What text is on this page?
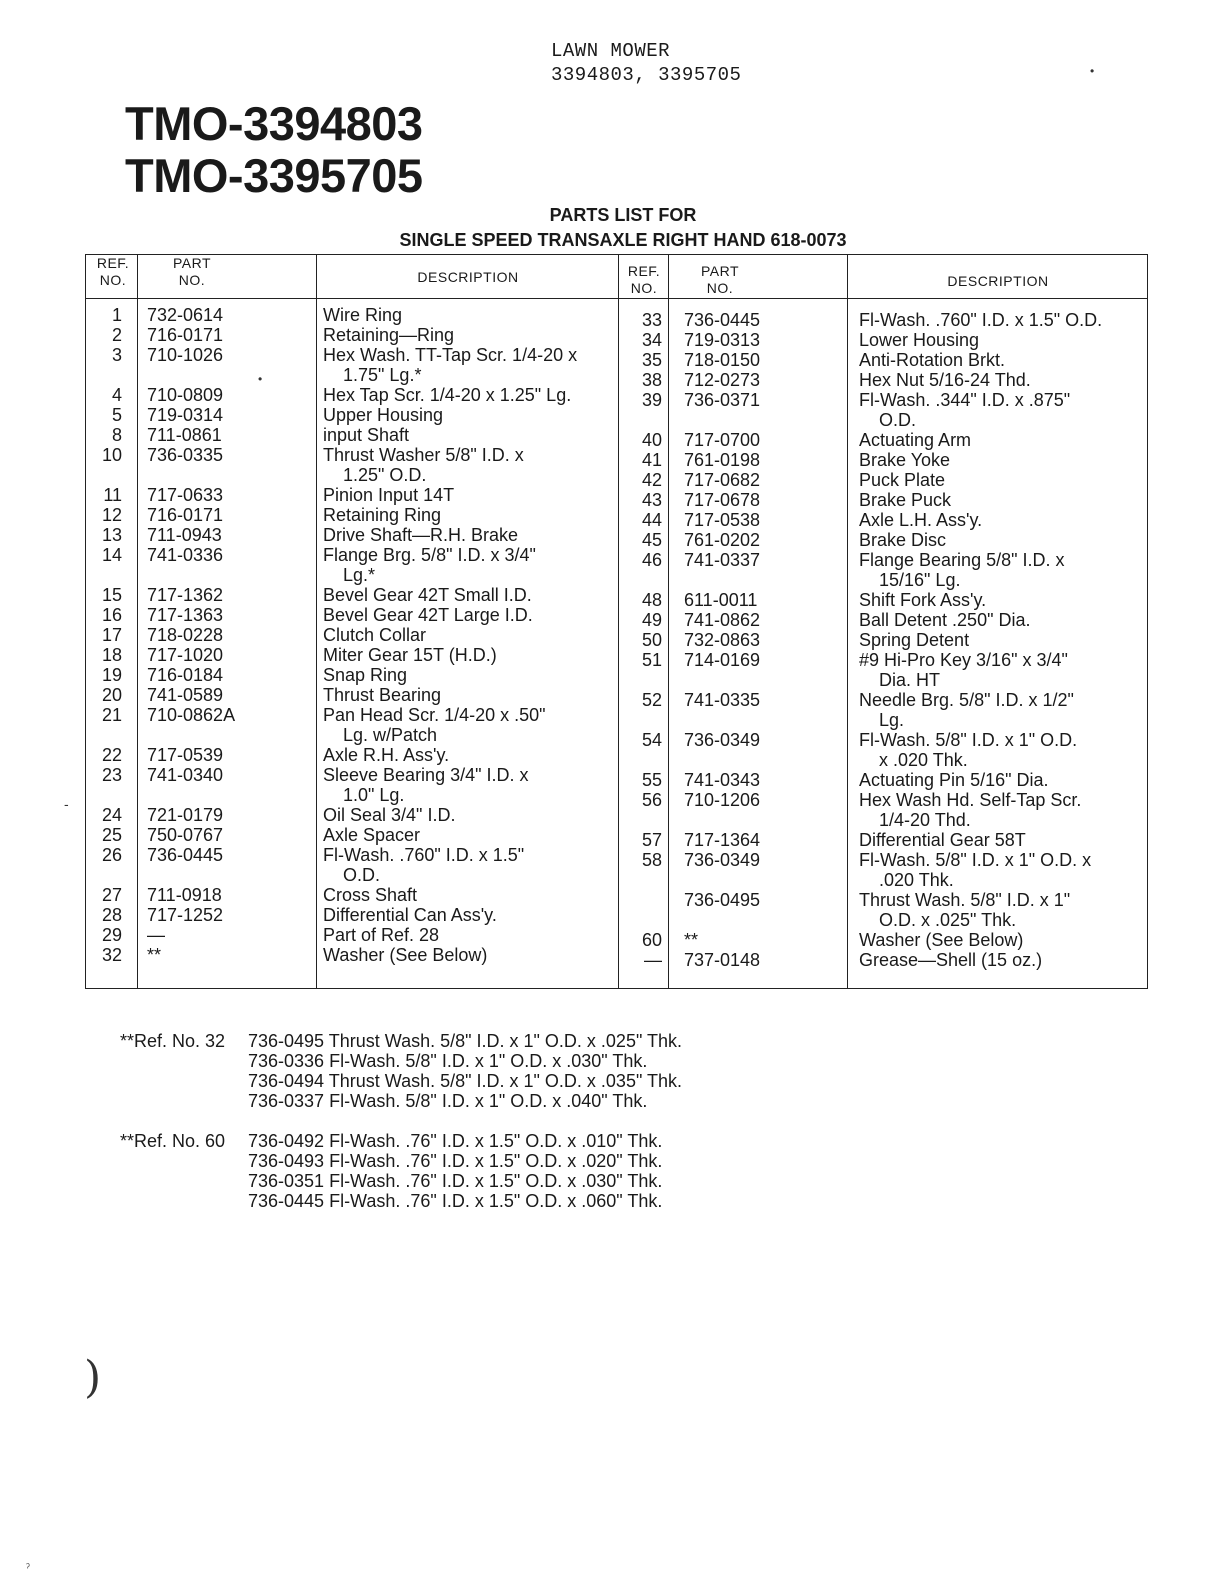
LAWN MOWER
3394803, 3395705	•
TMO-3394803
TMO-3395705
PARTS LIST FOR
SINGLE SPEED TRANSAXLE RIGHT HAND 618-0073
REF.
NO.
PART
NO.	DESCRIPTION	REF.
NO.
PART
NO.	DESCRIPTION
1 732-0614	Wire Ring
2 716-0171	Retaining—Ring
3 710-1026	Hex Wash. TT-Tap Scr. 1/4-20 x
1.75" Lg.*
4 710-0809	Hex Tap Scr. 1/4-20 x 1.25" Lg.
5 719-0314	Upper Housing
8 711-0861	input Shaft
10 736-0335	Thrust Washer 5/8" I.D. x
1.25" O.D.
11 717-0633	Pinion Input 14T
12 716-0171	Retaining Ring
13 711-0943	Drive Shaft—R.H. Brake
14 741-0336	Flange Brg. 5/8" I.D. x 3/4"
Lg.*
15 717-1362	Bevel Gear 42T Small I.D.
16 717-1363	Bevel Gear 42T Large I.D.
17 718-0228	Clutch Collar
18 717-1020	Miter Gear 15T (H.D.)
19 716-0184	Snap Ring
20 741-0589	Thrust Bearing
21 710-0862A	Pan Head Scr. 1/4-20 x .50"
Lg. w/Patch
22 717-0539	Axle R.H. Ass'y.
23 741-0340	Sleeve Bearing 3/4" I.D. x
1.0" Lg.
24 721-0179	Oil Seal 3/4" I.D.
25 750-0767	Axle Spacer
26 736-0445	Fl-Wash. .760" I.D. x 1.5"
O.D.
27 711-0918	Cross Shaft
28 717-1252	Differential Can Ass'y.
29 —	Part of Ref. 28
32 **	Washer (See Below)
33 736-0445	Fl-Wash. .760" I.D. x 1.5" O.D.
34 719-0313	Lower Housing
35 718-0150	Anti-Rotation Brkt.
38 712-0273	Hex Nut 5/16-24 Thd.
39 736-0371	Fl-Wash. .344" I.D. x .875"
O.D.
40 717-0700	Actuating Arm
41 761-0198	Brake Yoke
42 717-0682	Puck Plate
43 717-0678	Brake Puck
44 717-0538	Axle L.H. Ass'y.
45 761-0202	Brake Disc
46 741-0337	Flange Bearing 5/8" I.D. x
15/16" Lg.
48 611-0011	Shift Fork Ass'y.
49 741-0862	Ball Detent .250" Dia.
50 732-0863	Spring Detent
51 714-0169	#9 Hi-Pro Key 3/16" x 3/4"
Dia. HT
52 741-0335	Needle Brg. 5/8" I.D. x 1/2"
Lg.
54 736-0349	Fl-Wash. 5/8" I.D. x 1" O.D.
x .020 Thk.
55 741-0343	Actuating Pin 5/16" Dia.
56 710-1206	Hex Wash Hd. Self-Tap Scr.
1/4-20 Thd.
57 717-1364	Differential Gear 58T
58 736-0349	Fl-Wash. 5/8" I.D. x 1" O.D. x
.020 Thk.
736-0495	Thrust Wash. 5/8" I.D. x 1"
O.D. x .025" Thk.
60 **	Washer (See Below)
— 737-0148	Grease—Shell (15 oz.)
-
•
**Ref. No. 32 736-0495 Thrust Wash. 5/8" I.D. x 1" O.D. x .025" Thk.
736-0336 Fl-Wash. 5/8" I.D. x 1" O.D. x .030" Thk.
736-0494 Thrust Wash. 5/8" I.D. x 1" O.D. x .035" Thk.
736-0337 Fl-Wash. 5/8" I.D. x 1" O.D. x .040" Thk.
**Ref. No. 60 736-0492 Fl-Wash. .76" I.D. x 1.5" O.D. x .010" Thk.
736-0493 Fl-Wash. .76" I.D. x 1.5" O.D. x .020" Thk.
736-0351 Fl-Wash. .76" I.D. x 1.5" O.D. x .030" Thk.
736-0445 Fl-Wash. .76" I.D. x 1.5" O.D. x .060" Thk.
)
ˀ
